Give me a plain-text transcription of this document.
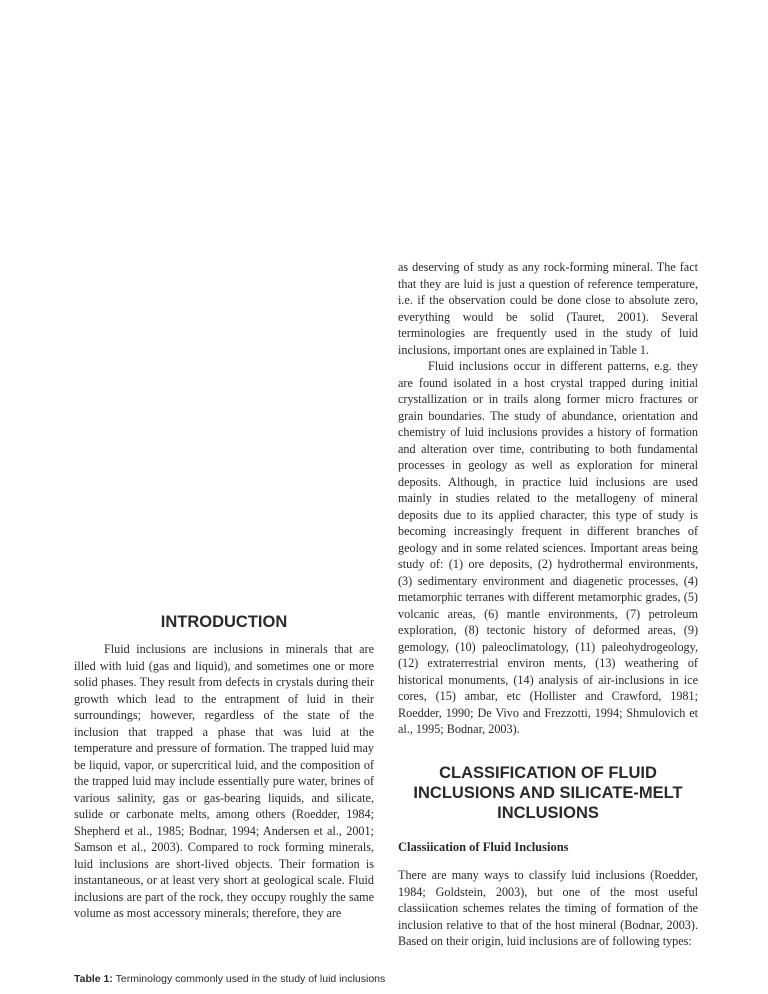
INTRODUCTION

Fluid inclusions are inclusions in minerals that are illed with luid (gas and liquid), and sometimes one or more solid phases. They result from defects in crystals during their growth which lead to the entrapment of luid in their surroundings; however, regardless of the state of the inclusion that trapped a phase that was luid at the temperature and pressure of formation. The trapped luid may be liquid, vapor, or supercritical luid, and the composition of the trapped luid may include essentially pure water, brines of various salinity, gas or gas-bearing liquids, and silicate, sulide or carbonate melts, among others (Roedder, 1984; Shepherd et al., 1985; Bodnar, 1994; Andersen et al., 2001; Samson et al., 2003). Compared to rock forming minerals, luid inclusions are short-lived objects. Their formation is instantaneous, or at least very short at geological scale. Fluid inclusions are part of the rock, they occupy roughly the same volume as most accessory minerals; therefore, they are

as deserving of study as any rock-forming mineral. The fact that they are luid is just a question of reference temperature, i.e. if the observation could be done close to absolute zero, everything would be solid (Tauret, 2001). Several terminologies are frequently used in the study of luid inclusions, important ones are explained in Table 1.

Fluid inclusions occur in different patterns, e.g. they are found isolated in a host crystal trapped during initial crystallization or in trails along former micro fractures or grain boundaries. The study of abundance, orientation and chemistry of luid inclusions provides a history of formation and alteration over time, contributing to both fundamental processes in geology as well as exploration for mineral deposits. Although, in practice luid inclusions are used mainly in studies related to the metallogeny of mineral deposits due to its applied character, this type of study is becoming increasingly frequent in different branches of geology and in some related sciences. Important areas being study of: (1) ore deposits, (2) hydrothermal environments, (3) sedimentary environment and diagenetic processes, (4) metamorphic terranes with different metamorphic grades, (5) volcanic areas, (6) mantle environments, (7) petroleum exploration, (8) tectonic history of deformed areas, (9) gemology, (10) paleoclimatology, (11) paleohydrogeology, (12) extraterrestrial environ ments, (13) weathering of historical monuments, (14) analysis of air-inclusions in ice cores, (15) ambar, etc (Hollister and Crawford, 1981; Roedder, 1990; De Vivo and Frezzotti, 1994; Shmulovich et al., 1995; Bodnar, 2003).

CLASSIFICATION OF FLUID INCLUSIONS AND SILICATE-MELT INCLUSIONS
Classiication of Fluid Inclusions

There are many ways to classify luid inclusions (Roedder, 1984; Goldstein, 2003), but one of the most useful classiication schemes relates the timing of formation of the inclusion relative to that of the host mineral (Bodnar, 2003). Based on their origin, luid inclusions are of following types:

Table 1: Terminology commonly used in the study of luid inclusions
